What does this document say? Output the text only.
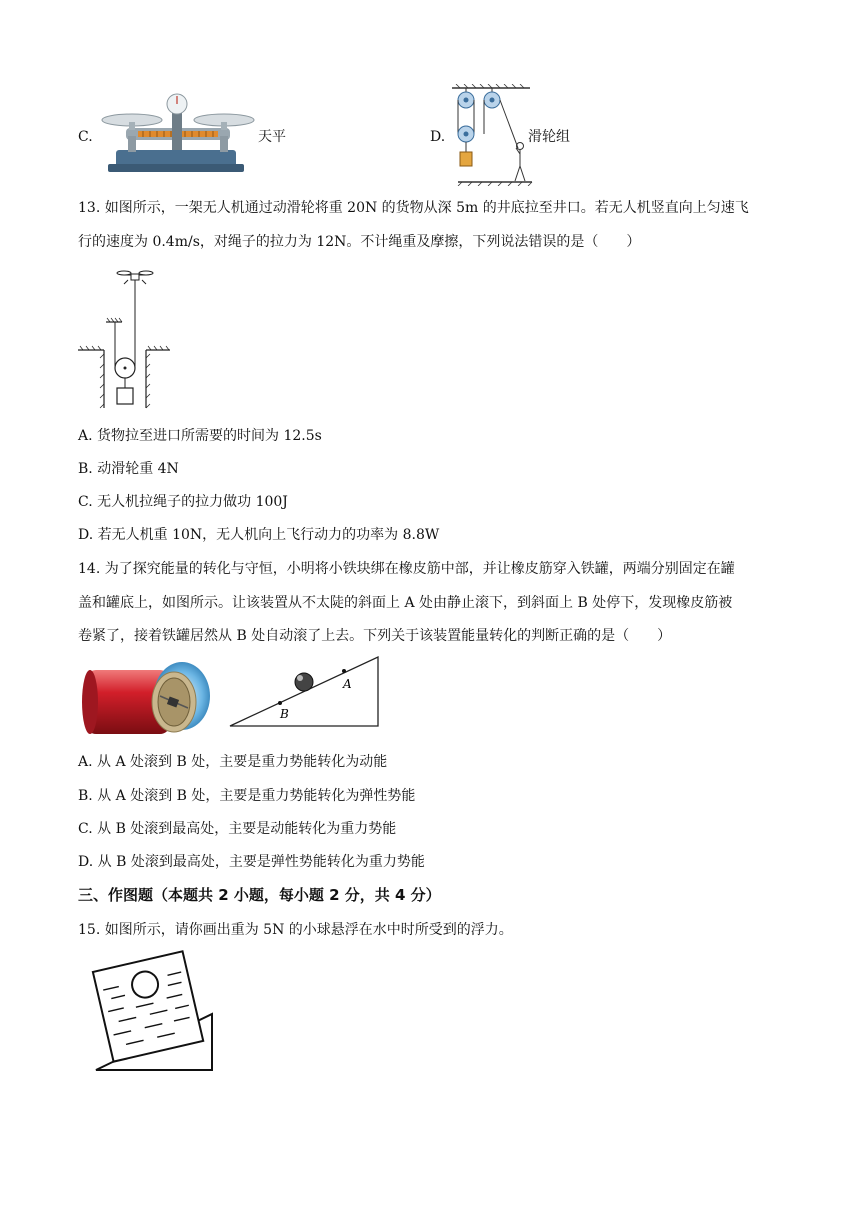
C.	天平	D.	滑轮组
13. 如图所示，一架无人机通过动滑轮将重 20N 的货物从深 5m 的井底拉至井口。若无人机竖直向上匀速飞
行的速度为 0.4m/s，对绳子的拉力为 12N。不计绳重及摩擦，下列说法错误的是（　　）
A. 货物拉至进口所需要的时间为 12.5s
B. 动滑轮重 4N
C. 无人机拉绳子的拉力做功 100J
D. 若无人机重 10N，无人机向上飞行动力的功率为 8.8W
14. 为了探究能量的转化与守恒，小明将小铁块绑在橡皮筋中部，并让橡皮筋穿入铁罐，两端分别固定在罐
盖和罐底上，如图所示。让该装置从不太陡的斜面上 A 处由静止滚下，到斜面上 B 处停下，发现橡皮筋被
卷紧了，接着铁罐居然从 B 处自动滚了上去。下列关于该装置能量转化的判断正确的是（　　）
A
B
A. 从 A 处滚到 B 处，主要是重力势能转化为动能
B. 从 A 处滚到 B 处，主要是重力势能转化为弹性势能
C. 从 B 处滚到最高处，主要是动能转化为重力势能
D. 从 B 处滚到最高处，主要是弹性势能转化为重力势能
三、作图题（本题共 2 小题，每小题 2 分，共 4 分）
15. 如图所示，请你画出重为 5N 的小球悬浮在水中时所受到的浮力。
